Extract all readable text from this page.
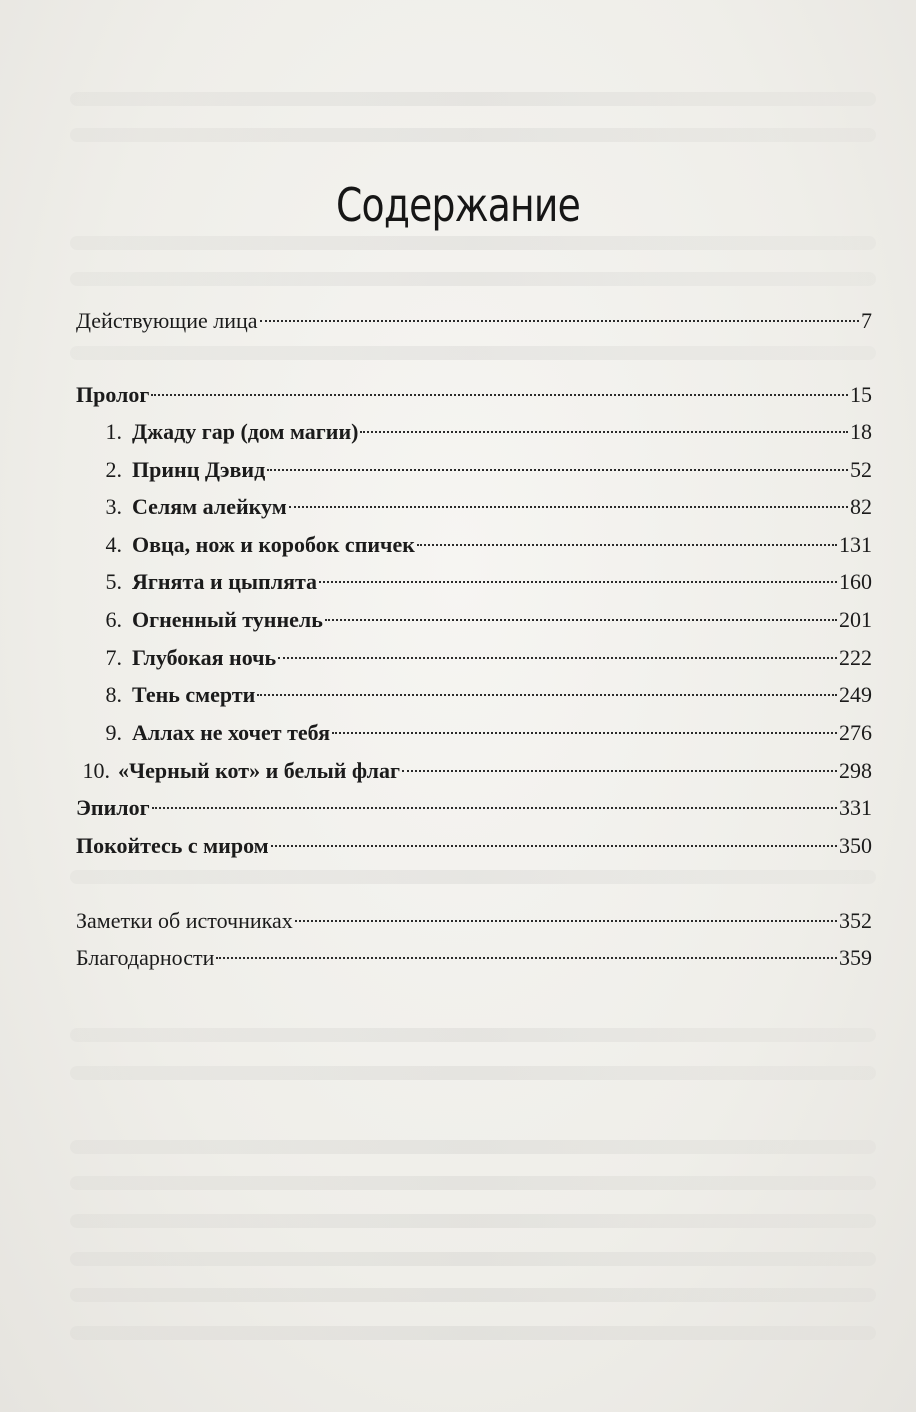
Содержание
Действующие лица	7
Пролог	15
1. Джаду гар (дом магии)	18
2. Принц Дэвид	52
3. Селям алейкум	82
4. Овца, нож и коробок спичек	131
5. Ягнята и цыплята	160
6. Огненный туннель	201
7. Глубокая ночь	222
8. Тень смерти	249
9. Аллах не хочет тебя	276
10. «Черный кот» и белый флаг	298
Эпилог	331
Покойтесь с миром	350
Заметки об источниках	352
Благодарности	359
